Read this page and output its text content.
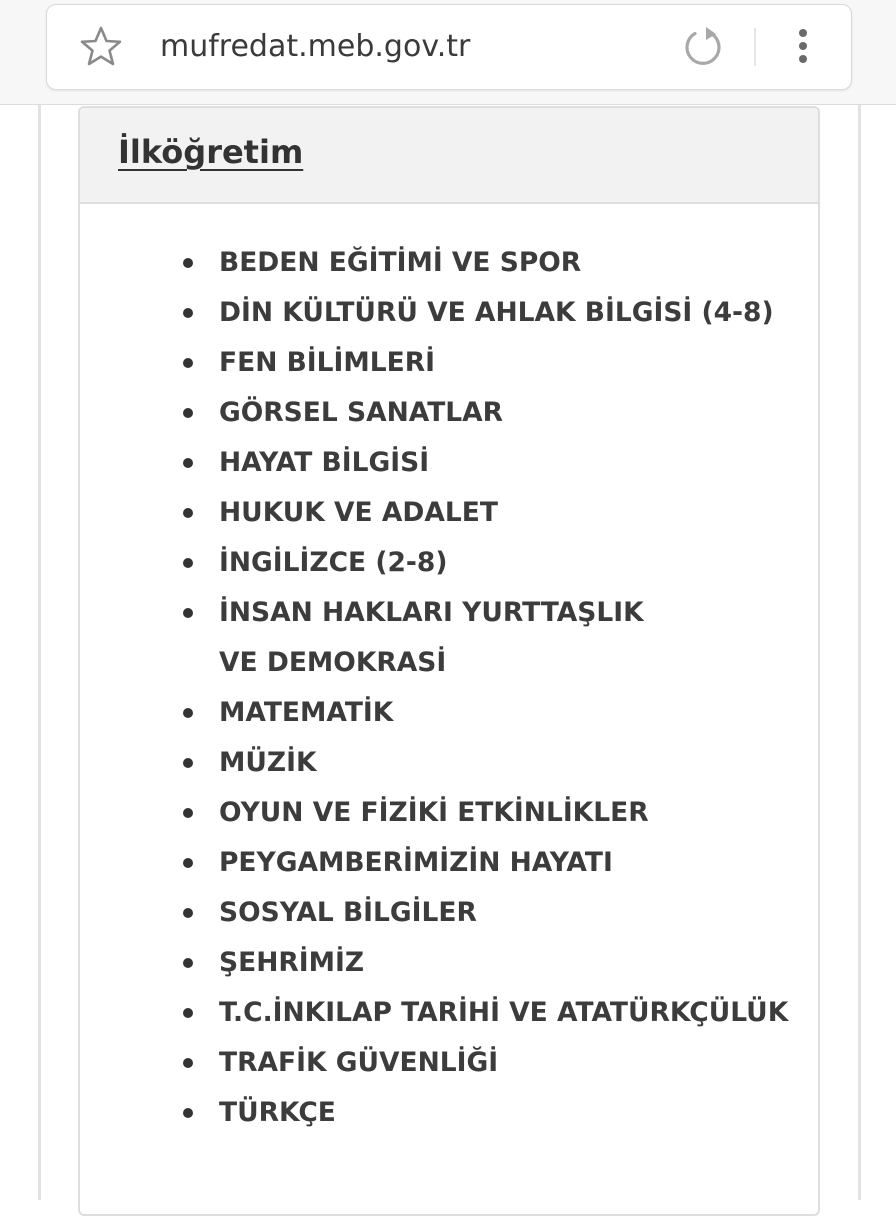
mufredat.meb.gov.tr
İlköğretim
BEDEN EĞİTİMİ VE SPOR
DİN KÜLTÜRÜ VE AHLAK BİLGİSİ (4-8)
FEN BİLİMLERİ
GÖRSEL SANATLAR
HAYAT BİLGİSİ
HUKUK VE ADALET
İNGİLİZCE (2-8)
İNSAN HAKLARI YURTTAŞLIK VE DEMOKRASİ
MATEMATİK
MÜZİK
OYUN VE FİZİKİ ETKİNLİKLER
PEYGAMBERİMİZİN HAYATI
SOSYAL BİLGİLER
ŞEHRİMİZ
T.C.İNKILAP TARİHİ VE ATATÜRKÇÜLÜK
TRAFİK GÜVENLİĞİ
TÜRKÇE
